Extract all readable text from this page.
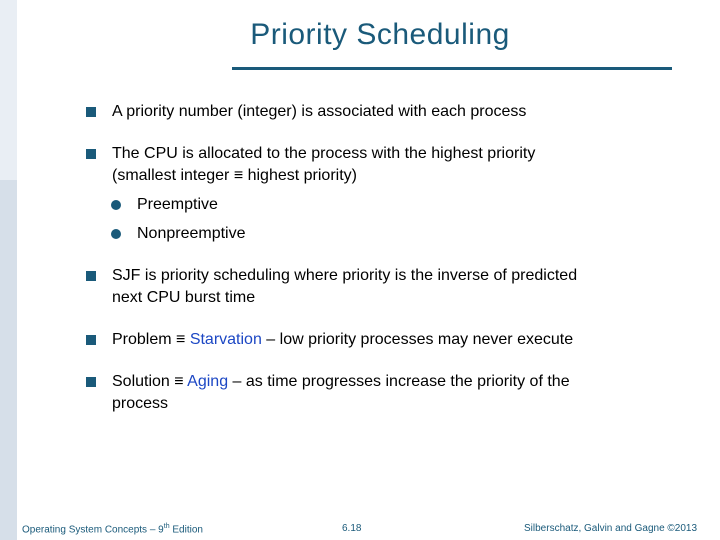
Priority Scheduling
A priority number (integer) is associated with each process
The CPU is allocated to the process with the highest priority
(smallest integer ≡ highest priority)
Preemptive
Nonpreemptive
SJF is priority scheduling where priority is the inverse of predicted
next CPU burst time
Problem ≡ Starvation – low priority processes may never execute
Solution ≡ Aging – as time progresses increase the priority of the
process
Operating System Concepts – 9th Edition	6.18	Silberschatz, Galvin and Gagne ©2013
